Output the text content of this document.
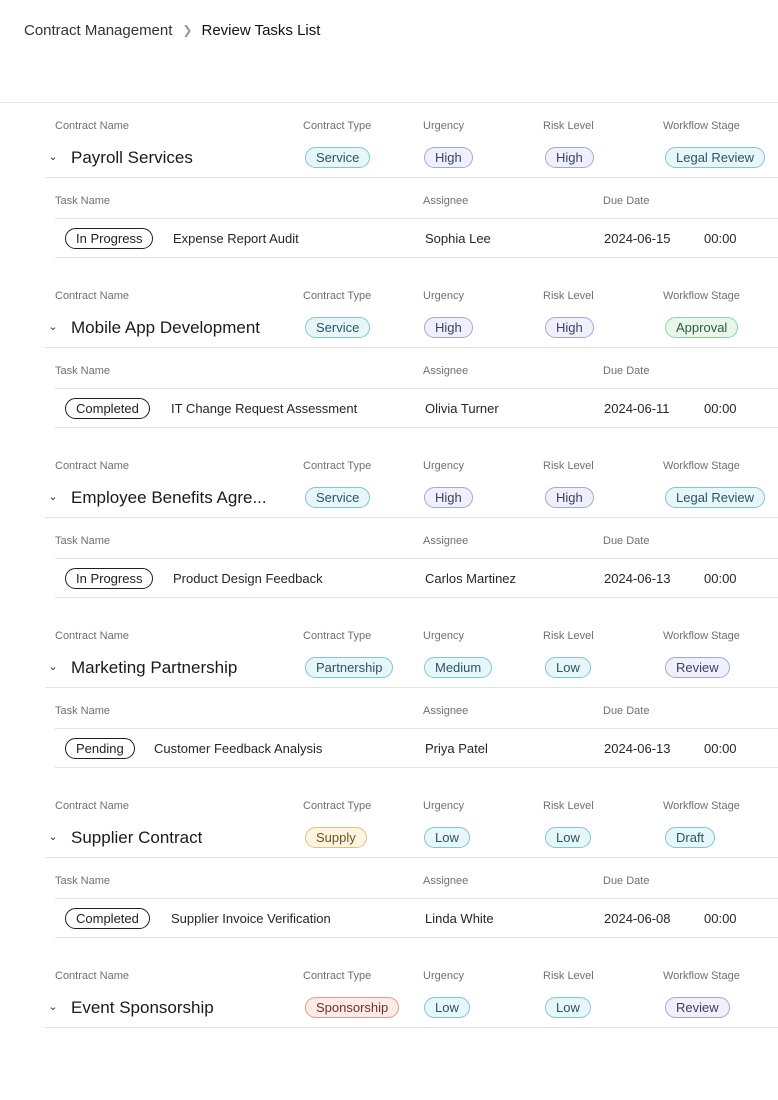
Contract Management ❯ Review Tasks List
Contract Name	Contract Type	Urgency	Risk Level	Workflow Stage
⌄ Payroll Services	Service	High	High	Legal Review
Task Name	Assignee	Due Date
In Progress	Expense Report Audit	Sophia Lee	2024-06-15	00:00
Contract Name	Contract Type	Urgency	Risk Level	Workflow Stage
⌄ Mobile App Development	Service	High	High	Approval
Task Name	Assignee	Due Date
Completed	IT Change Request Assessment	Olivia Turner	2024-06-11	00:00
Contract Name	Contract Type	Urgency	Risk Level	Workflow Stage
⌄ Employee Benefits Agre...	Service	High	High	Legal Review
Task Name	Assignee	Due Date
In Progress	Product Design Feedback	Carlos Martinez	2024-06-13	00:00
Contract Name	Contract Type	Urgency	Risk Level	Workflow Stage
⌄ Marketing Partnership	Partnership	Medium	Low	Review
Task Name	Assignee	Due Date
Pending	Customer Feedback Analysis	Priya Patel	2024-06-13	00:00
Contract Name	Contract Type	Urgency	Risk Level	Workflow Stage
⌄ Supplier Contract	Supply	Low	Low	Draft
Task Name	Assignee	Due Date
Completed	Supplier Invoice Verification	Linda White	2024-06-08	00:00
Contract Name	Contract Type	Urgency	Risk Level	Workflow Stage
⌄ Event Sponsorship	Sponsorship	Low	Low	Review
